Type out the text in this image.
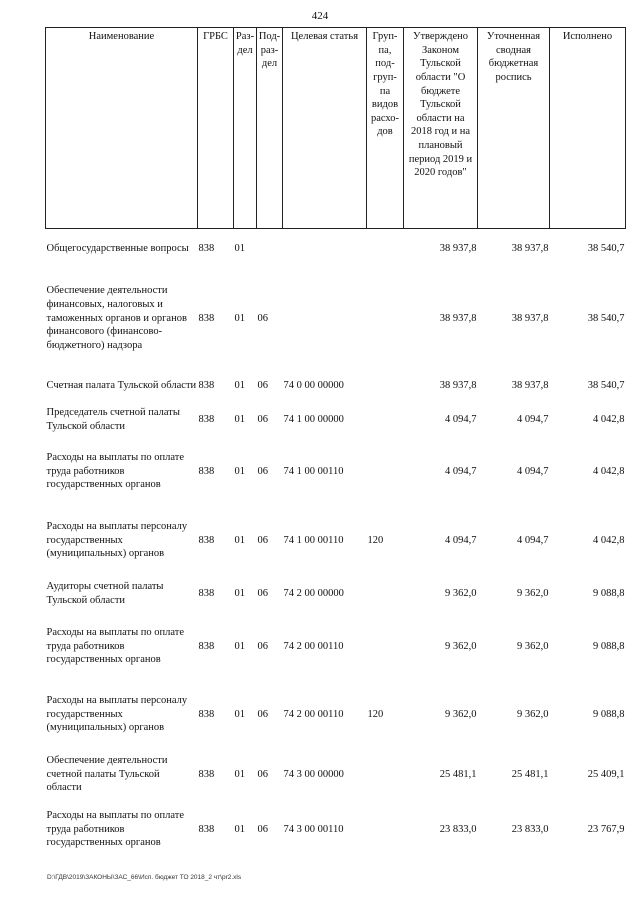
424
Наименование	ГРБС	Раз-дел	Под-раз-дел	Целевая статья	Груп-па, под-груп-па видов расхо-дов	Утверждено Законом Тульской области "О бюджете Тульской области на 2018 год и на плановый период 2019 и 2020 годов"	Уточненная сводная бюджетная роспись	Исполнено
Общегосударственные вопросы	838	01				38 937,8	38 937,8	38 540,7
Обеспечение деятельности финансовых, налоговых и таможенных органов и органов финансового (финансово-бюджетного) надзора	838	01	06			38 937,8	38 937,8	38 540,7
Счетная палата Тульской области	838	01	06	74 0 00 00000		38 937,8	38 937,8	38 540,7
Председатель счетной палаты Тульской области	838	01	06	74 1 00 00000		4 094,7	4 094,7	4 042,8
Расходы на выплаты по оплате труда работников государственных органов	838	01	06	74 1 00 00110		4 094,7	4 094,7	4 042,8
Расходы на выплаты персоналу государственных (муниципальных) органов	838	01	06	74 1 00 00110	120	4 094,7	4 094,7	4 042,8
Аудиторы счетной палаты Тульской области	838	01	06	74 2 00 00000		9 362,0	9 362,0	9 088,8
Расходы на выплаты по оплате труда работников государственных органов	838	01	06	74 2 00 00110		9 362,0	9 362,0	9 088,8
Расходы на выплаты персоналу государственных (муниципальных) органов	838	01	06	74 2 00 00110	120	9 362,0	9 362,0	9 088,8
Обеспечение деятельности счетной палаты Тульской области	838	01	06	74 3 00 00000		25 481,1	25 481,1	25 409,1
Расходы на выплаты по оплате труда работников государственных органов	838	01	06	74 3 00 00110		23 833,0	23 833,0	23 767,9
D:\ГДВ\2019\ЗАКОНЫ\ЗАС_66\Исп. бюджет ТО 2018_2 чт\pr2.xls
